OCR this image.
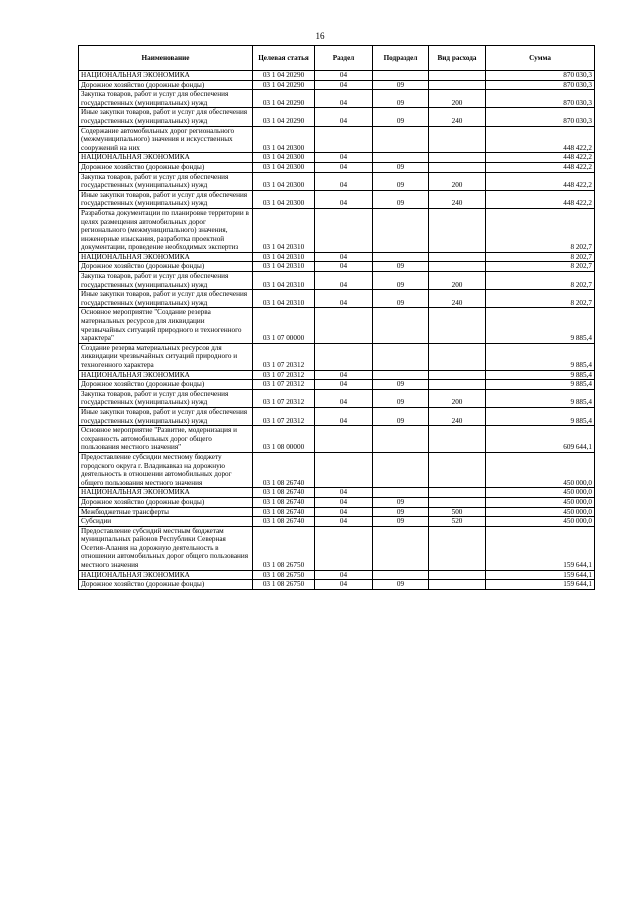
16
Наименование	Целевая статья	Раздел	Подраздел	Вид расхода	Сумма
НАЦИОНАЛЬНАЯ ЭКОНОМИКА	03 1 04 20290	04			870 030,3
Дорожное хозяйство (дорожные фонды)	03 1 04 20290	04	09		870 030,3
Закупка товаров, работ и услуг для обеспечения государственных (муниципальных) нужд	03 1 04 20290	04	09	200	870 030,3
Иные закупки товаров, работ и услуг для обеспечения государственных (муниципальных) нужд	03 1 04 20290	04	09	240	870 030,3
Содержание автомобильных дорог регионального (межмуниципального) значения и искусственных сооружений на них	03 1 04 20300				448 422,2
НАЦИОНАЛЬНАЯ ЭКОНОМИКА	03 1 04 20300	04			448 422,2
Дорожное хозяйство (дорожные фонды)	03 1 04 20300	04	09		448 422,2
Закупка товаров, работ и услуг для обеспечения государственных (муниципальных) нужд	03 1 04 20300	04	09	200	448 422,2
Иные закупки товаров, работ и услуг для обеспечения государственных (муниципальных) нужд	03 1 04 20300	04	09	240	448 422,2
Разработка документации по планировке территории в целях размещения автомобильных дорог регионального (межмуниципального) значения, инженерные изыскания, разработка проектной документации, проведение необходимых экспертиз	03 1 04 20310				8 202,7
НАЦИОНАЛЬНАЯ ЭКОНОМИКА	03 1 04 20310	04			8 202,7
Дорожное хозяйство (дорожные фонды)	03 1 04 20310	04	09		8 202,7
Закупка товаров, работ и услуг для обеспечения государственных (муниципальных) нужд	03 1 04 20310	04	09	200	8 202,7
Иные закупки товаров, работ и услуг для обеспечения государственных (муниципальных) нужд	03 1 04 20310	04	09	240	8 202,7
Основное мероприятие "Создание резерва материальных ресурсов для ликвидации чрезвычайных ситуаций природного и техногенного характера"	03 1 07 00000				9 885,4
Создание резерва материальных ресурсов для ликвидации чрезвычайных ситуаций природного и техногенного характера	03 1 07 20312				9 885,4
НАЦИОНАЛЬНАЯ ЭКОНОМИКА	03 1 07 20312	04			9 885,4
Дорожное хозяйство (дорожные фонды)	03 1 07 20312	04	09		9 885,4
Закупка товаров, работ и услуг для обеспечения государственных (муниципальных) нужд	03 1 07 20312	04	09	200	9 885,4
Иные закупки товаров, работ и услуг для обеспечения государственных (муниципальных) нужд	03 1 07 20312	04	09	240	9 885,4
Основное мероприятие "Развитие, модернизация и сохранность автомобильных дорог общего пользования местного значения"	03 1 08 00000				609 644,1
Предоставление субсидии местному бюджету городского округа г. Владикавказ на дорожную деятельность в отношении автомобильных дорог общего пользования местного значения	03 1 08 26740				450 000,0
НАЦИОНАЛЬНАЯ ЭКОНОМИКА	03 1 08 26740	04			450 000,0
Дорожное хозяйство (дорожные фонды)	03 1 08 26740	04	09		450 000,0
Межбюджетные трансферты	03 1 08 26740	04	09	500	450 000,0
Субсидии	03 1 08 26740	04	09	520	450 000,0
Предоставление субсидий местным бюджетам муниципальных районов Республики Северная Осетия-Алания на дорожную деятельность в отношении автомобильных дорог общего пользования местного значения	03 1 08 26750				159 644,1
НАЦИОНАЛЬНАЯ ЭКОНОМИКА	03 1 08 26750	04			159 644,1
Дорожное хозяйство (дорожные фонды)	03 1 08 26750	04	09		159 644,1
